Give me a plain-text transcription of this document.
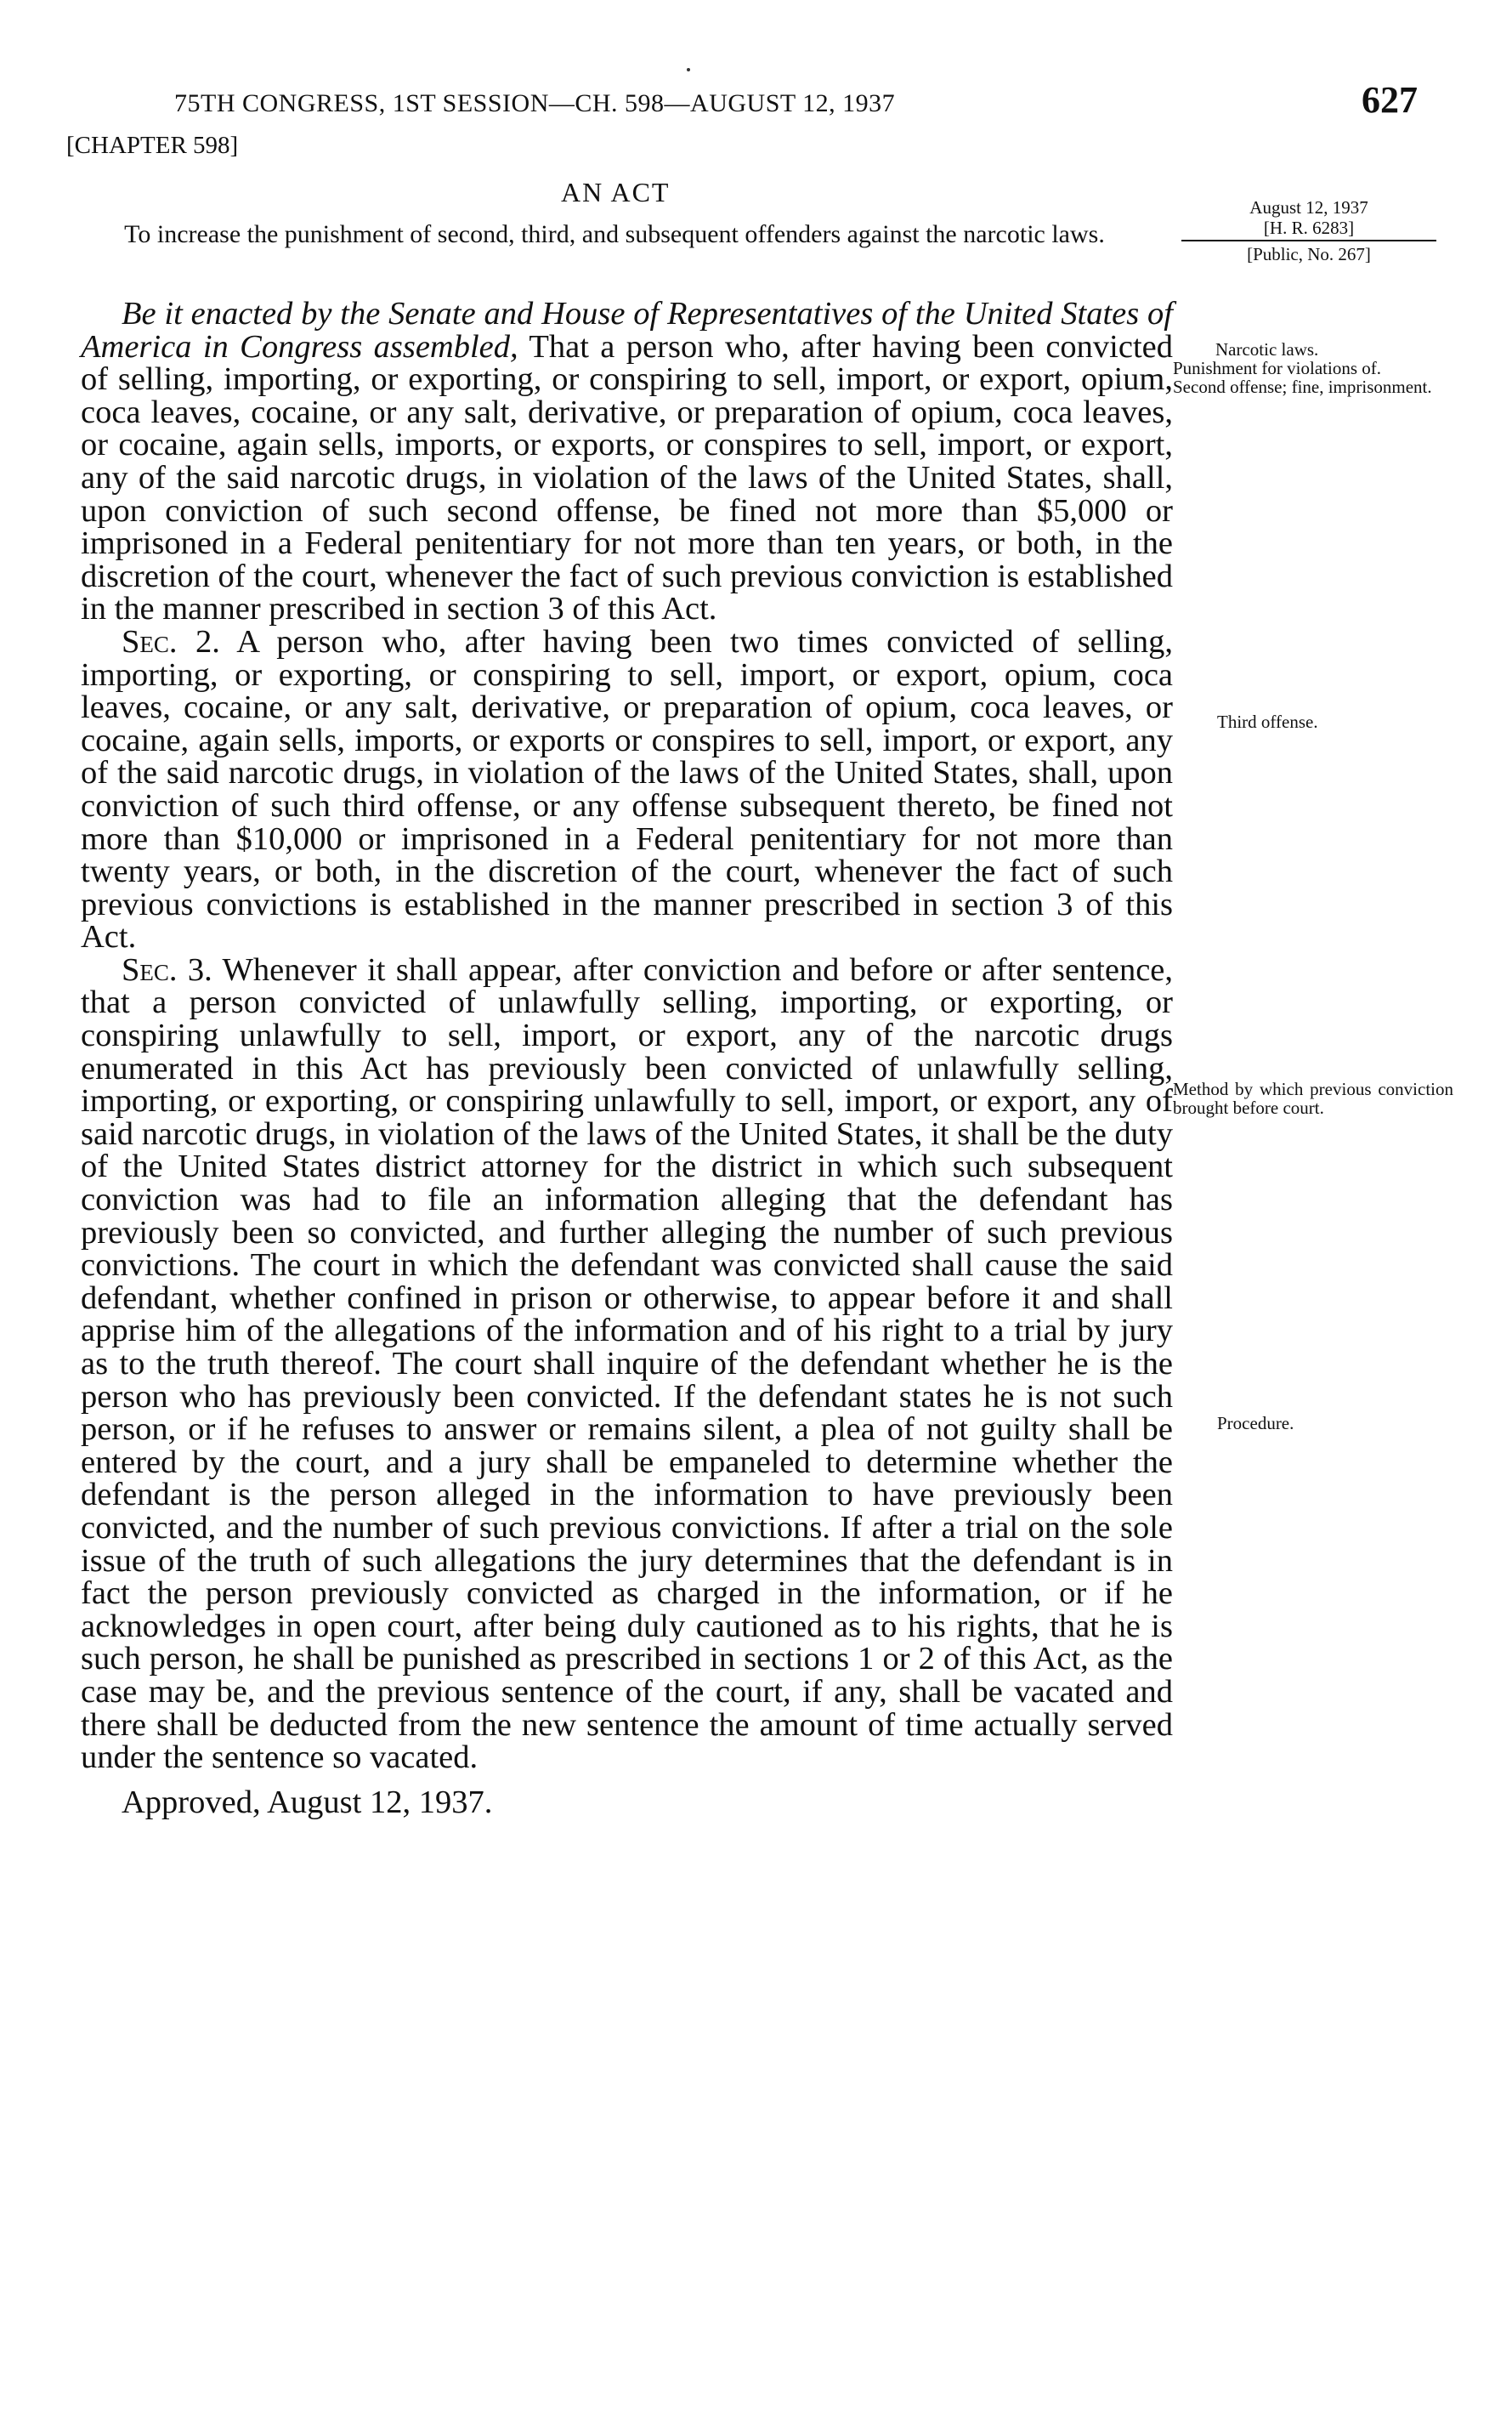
75TH CONGRESS, 1ST SESSION—CH. 598—AUGUST 12, 1937	627
[CHAPTER 598]
AN ACT
To increase the punishment of second, third, and subsequent offenders against the narcotic laws.
August 12, 1937
[H. R. 6283]
[Public, No. 267]
Narcotic laws.
Punishment for violations of.
Second offense; fine, imprisonment.
Third offense.
Method by which previous conviction brought before court.
Procedure.

Be it enacted by the Senate and House of Representatives of the United States of America in Congress assembled, That a person who, after having been convicted of selling, importing, or exporting, or conspiring to sell, import, or export, opium, coca leaves, cocaine, or any salt, derivative, or preparation of opium, coca leaves, or cocaine, again sells, imports, or exports, or conspires to sell, import, or export, any of the said narcotic drugs, in violation of the laws of the United States, shall, upon conviction of such second offense, be fined not more than $5,000 or imprisoned in a Federal penitentiary for not more than ten years, or both, in the discretion of the court, whenever the fact of such previous conviction is established in the manner prescribed in section 3 of this Act.

Sec. 2. A person who, after having been two times convicted of selling, importing, or exporting, or conspiring to sell, import, or export, opium, coca leaves, cocaine, or any salt, derivative, or preparation of opium, coca leaves, or cocaine, again sells, imports, or exports or conspires to sell, import, or export, any of the said narcotic drugs, in violation of the laws of the United States, shall, upon conviction of such third offense, or any offense subsequent thereto, be fined not more than $10,000 or imprisoned in a Federal penitentiary for not more than twenty years, or both, in the discretion of the court, whenever the fact of such previous convictions is established in the manner prescribed in section 3 of this Act.

Sec. 3. Whenever it shall appear, after conviction and before or after sentence, that a person convicted of unlawfully selling, importing, or exporting, or conspiring unlawfully to sell, import, or export, any of the narcotic drugs enumerated in this Act has previously been convicted of unlawfully selling, importing, or exporting, or conspiring unlawfully to sell, import, or export, any of said narcotic drugs, in violation of the laws of the United States, it shall be the duty of the United States district attorney for the district in which such subsequent conviction was had to file an information alleging that the defendant has previously been so convicted, and further alleging the number of such previous convictions. The court in which the defendant was convicted shall cause the said defendant, whether confined in prison or otherwise, to appear before it and shall apprise him of the allegations of the information and of his right to a trial by jury as to the truth thereof. The court shall inquire of the defendant whether he is the person who has previously been convicted. If the defendant states he is not such person, or if he refuses to answer or remains silent, a plea of not guilty shall be entered by the court, and a jury shall be empaneled to determine whether the defendant is the person alleged in the information to have previously been convicted, and the number of such previous convictions. If after a trial on the sole issue of the truth of such allegations the jury determines that the defendant is in fact the person previously convicted as charged in the information, or if he acknowledges in open court, after being duly cautioned as to his rights, that he is such person, he shall be punished as prescribed in sections 1 or 2 of this Act, as the case may be, and the previous sentence of the court, if any, shall be vacated and there shall be deducted from the new sentence the amount of time actually served under the sentence so vacated.

Approved, August 12, 1937.
